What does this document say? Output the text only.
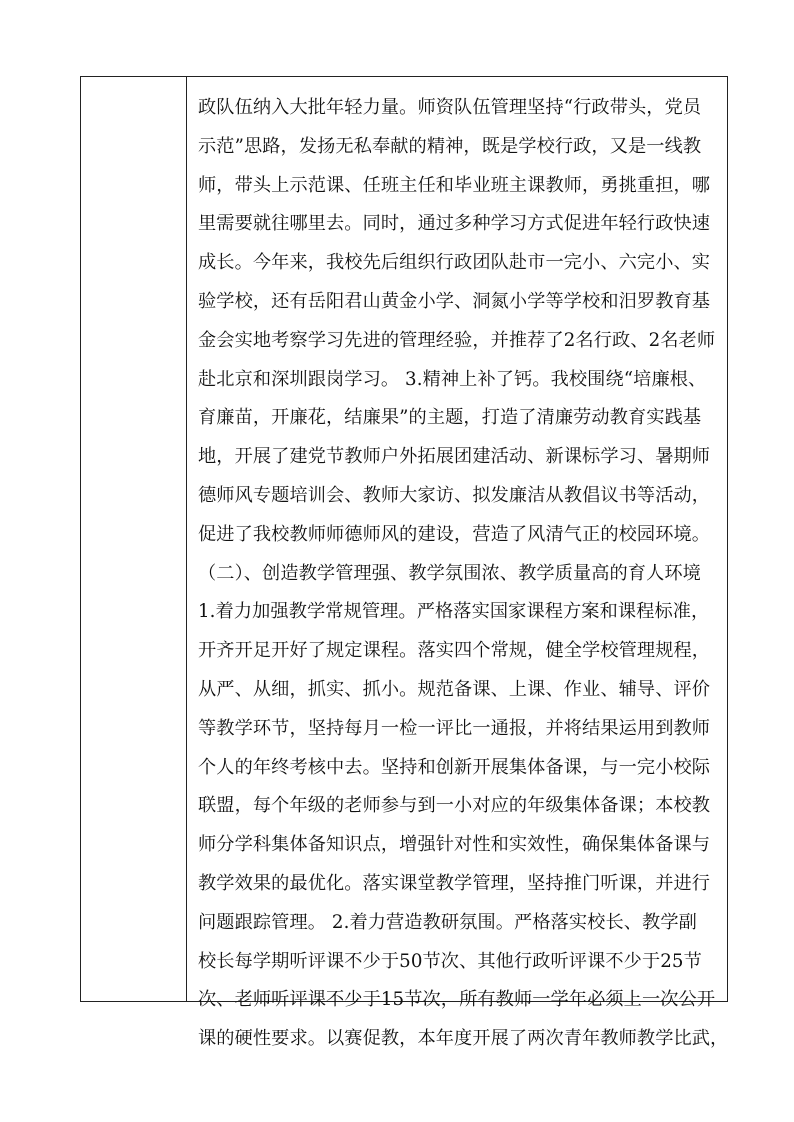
政队伍纳入大批年轻力量。师资队伍管理坚持“行政带头，党员
示范”思路，发扬无私奉献的精神，既是学校行政，又是一线教
师，带头上示范课、任班主任和毕业班主课教师，勇挑重担，哪
里需要就往哪里去。同时，通过多种学习方式促进年轻行政快速
成长。今年来，我校先后组织行政团队赴市一完小、六完小、实
验学校，还有岳阳君山黄金小学、洞氮小学等学校和汨罗教育基
金会实地考察学习先进的管理经验，并推荐了2名行政、2名老师
赴北京和深圳跟岗学习。 3.精神上补了钙。我校围绕“培廉根、
育廉苗，开廉花，结廉果”的主题，打造了清廉劳动教育实践基
地，开展了建党节教师户外拓展团建活动、新课标学习、暑期师
德师风专题培训会、教师大家访、拟发廉洁从教倡议书等活动，
促进了我校教师师德师风的建设，营造了风清气正的校园环境。
（二）、创造教学管理强、教学氛围浓、教学质量高的育人环境
1.着力加强教学常规管理。严格落实国家课程方案和课程标准，
开齐开足开好了规定课程。落实四个常规，健全学校管理规程，
从严、从细，抓实、抓小。规范备课、上课、作业、辅导、评价
等教学环节，坚持每月一检一评比一通报，并将结果运用到教师
个人的年终考核中去。坚持和创新开展集体备课，与一完小校际
联盟，每个年级的老师参与到一小对应的年级集体备课；本校教
师分学科集体备知识点，增强针对性和实效性，确保集体备课与
教学效果的最优化。落实课堂教学管理，坚持推门听课，并进行
问题跟踪管理。 2.着力营造教研氛围。严格落实校长、教学副
校长每学期听评课不少于50节次、其他行政听评课不少于25节
次、老师听评课不少于15节次，所有教师一学年必须上一次公开
课的硬性要求。以赛促教，本年度开展了两次青年教师教学比武，
